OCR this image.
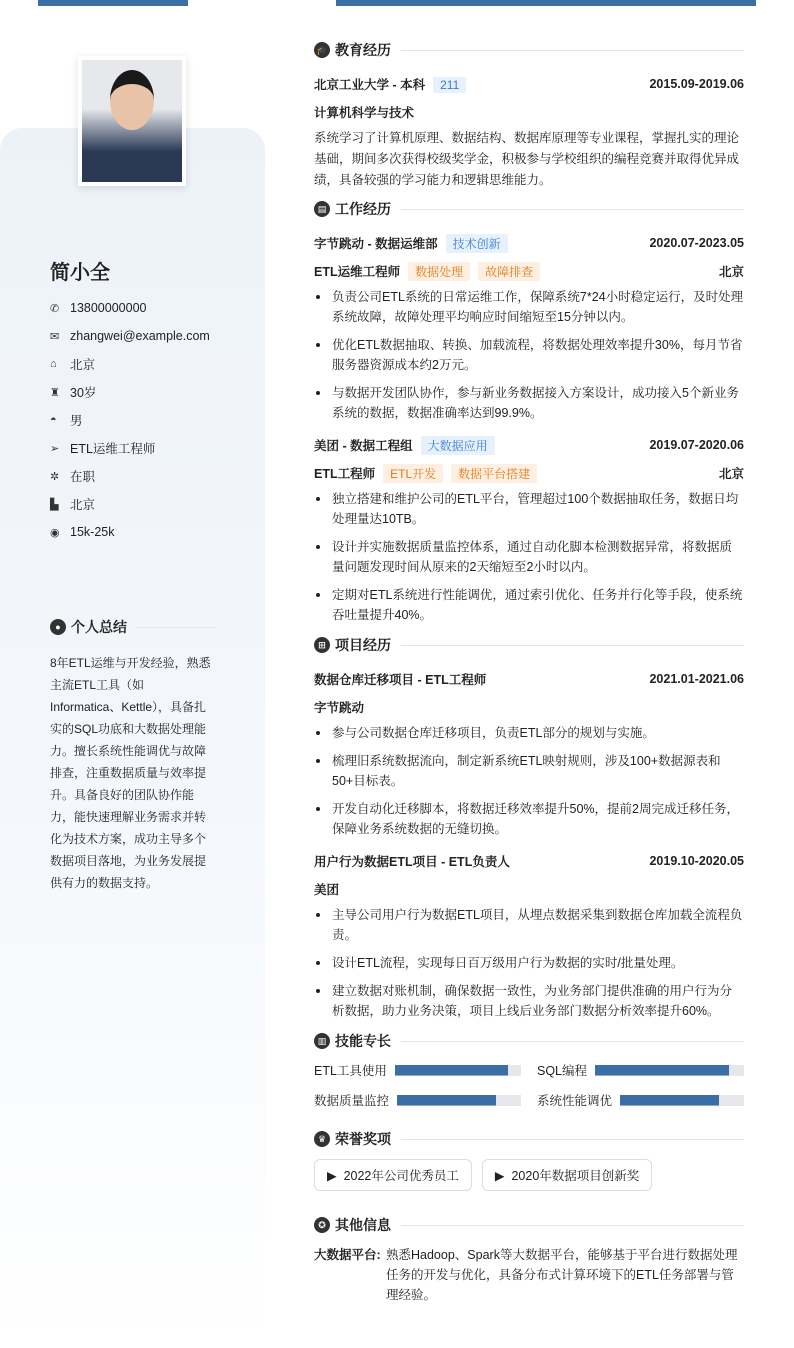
简小全
✆ 13800000000
✉ zhangwei@example.com
⌂	北京
♜ 30岁
◓	男
➢ ETL运维工程师
✲ 在职
▙ 北京
◉ 15k-25k
● 个人总结
8年ETL运维与开发经验，熟悉主流ETL工具（如Informatica、Kettle），具备扎实的SQL功底和大数据处理能力。擅长系统性能调优与故障排查，注重数据质量与效率提升。具备良好的团队协作能力，能快速理解业务需求并转化为技术方案，成功主导多个数据项目落地，为业务发展提供有力的数据支持。
🎓 教育经历
北京工业大学 - 本科 211	2015.09-2019.06
计算机科学与技术

系统学习了计算机原理、数据结构、数据库原理等专业课程，掌握扎实的理论基础，期间多次获得校级奖学金，积极参与学校组织的编程竞赛并取得优异成绩，具备较强的学习能力和逻辑思维能力。

▤ 工作经历
字节跳动 - 数据运维部 技术创新	2020.07-2023.05
ETL运维工程师 数据处理 故障排查	北京
负责公司ETL系统的日常运维工作，保障系统7*24小时稳定运行，及时处理系统故障，故障处理平均响应时间缩短至15分钟以内。
优化ETL数据抽取、转换、加载流程，将数据处理效率提升30%，每月节省服务器资源成本约2万元。
与数据开发团队协作，参与新业务数据接入方案设计，成功接入5个新业务系统的数据，数据准确率达到99.9%。
美团 - 数据工程组 大数据应用	2019.07-2020.06
ETL工程师 ETL开发 数据平台搭建	北京
独立搭建和维护公司的ETL平台，管理超过100个数据抽取任务，数据日均处理量达10TB。
设计并实施数据质量监控体系，通过自动化脚本检测数据异常，将数据质量问题发现时间从原来的2天缩短至2小时以内。
定期对ETL系统进行性能调优，通过索引优化、任务并行化等手段，使系统吞吐量提升40%。
⊞ 项目经历
数据仓库迁移项目 - ETL工程师	2021.01-2021.06
字节跳动
参与公司数据仓库迁移项目，负责ETL部分的规划与实施。
梳理旧系统数据流向，制定新系统ETL映射规则，涉及100+数据源表和50+目标表。
开发自动化迁移脚本，将数据迁移效率提升50%，提前2周完成迁移任务，保障业务系统数据的无缝切换。
用户行为数据ETL项目 - ETL负责人	2019.10-2020.05
美团
主导公司用户行为数据ETL项目，从埋点数据采集到数据仓库加载全流程负责。
设计ETL流程，实现每日百万级用户行为数据的实时/批量处理。
建立数据对账机制，确保数据一致性，为业务部门提供准确的用户行为分析数据，助力业务决策，项目上线后业务部门数据分析效率提升60%。
▥ 技能专长
ETL工具使用	SQL编程
数据质量监控	系统性能调优
♛ 荣誉奖项
▶ 2022年公司优秀员工	▶ 2020年数据项目创新奖
✪ 其他信息
大数据平台: 熟悉Hadoop、Spark等大数据平台，能够基于平台进行数据处理任务的开发与优化，具备分布式计算环境下的ETL任务部署与管理经验。
